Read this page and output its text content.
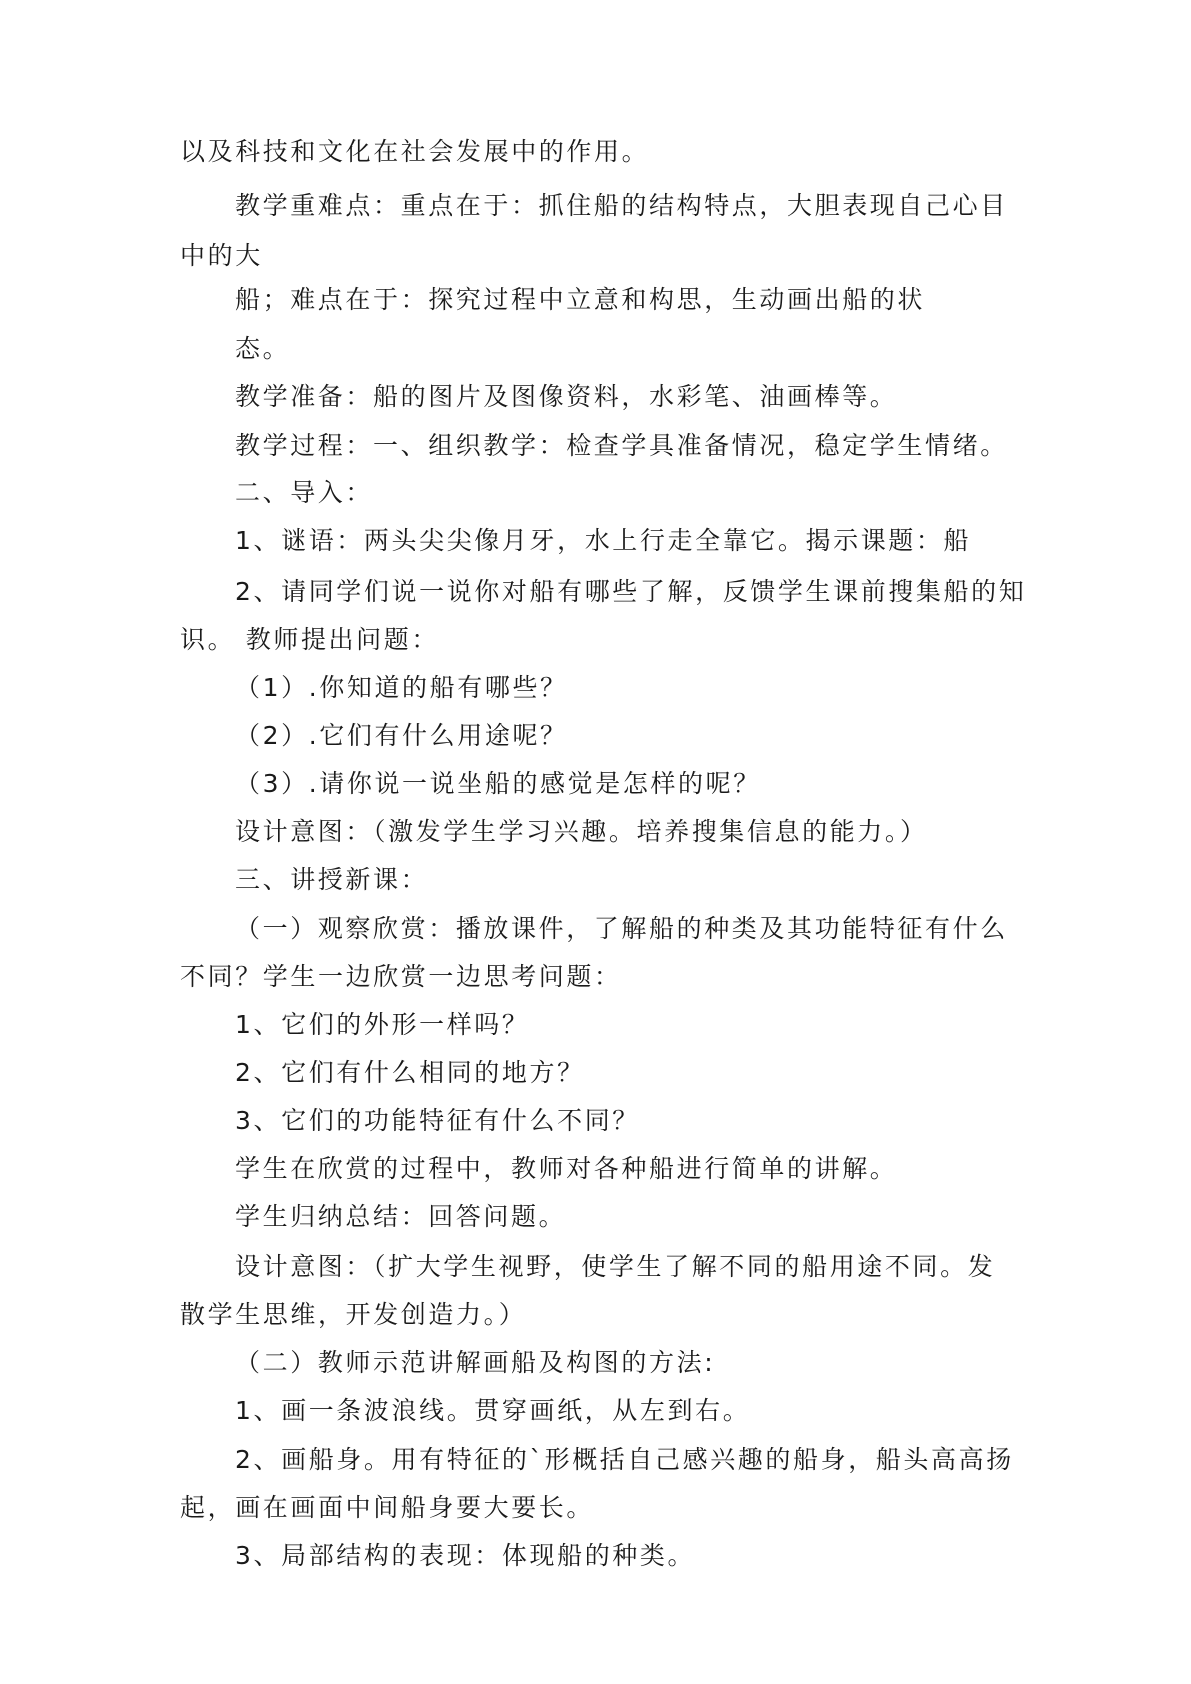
以及科技和文化在社会发展中的作用。
教学重难点：重点在于：抓住船的结构特点，大胆表现自己心目
中的大
船；难点在于：探究过程中立意和构思，生动画出船的状
态。
教学准备：船的图片及图像资料，水彩笔、油画棒等。
教学过程：一、组织教学：检查学具准备情况，稳定学生情绪。
二、导入：
1、谜语：两头尖尖像月牙，水上行走全靠它。揭示课题：船
2、请同学们说一说你对船有哪些了解，反馈学生课前搜集船的知
识。 教师提出问题：
（1）.你知道的船有哪些？
（2）.它们有什么用途呢？
（3）.请你说一说坐船的感觉是怎样的呢？
设计意图：（激发学生学习兴趣。培养搜集信息的能力。）
三、讲授新课：
（一）观察欣赏：播放课件，了解船的种类及其功能特征有什么
不同？学生一边欣赏一边思考问题：
1、它们的外形一样吗？
2、它们有什么相同的地方？
3、它们的功能特征有什么不同？
学生在欣赏的过程中，教师对各种船进行简单的讲解。
学生归纳总结：回答问题。
设计意图：（扩大学生视野，使学生了解不同的船用途不同。发
散学生思维，开发创造力。）
（二）教师示范讲解画船及构图的方法:
1、画一条波浪线。贯穿画纸，从左到右。
2、画船身。用有特征的`形概括自己感兴趣的船身，船头高高扬
起，画在画面中间船身要大要长。
3、局部结构的表现：体现船的种类。
